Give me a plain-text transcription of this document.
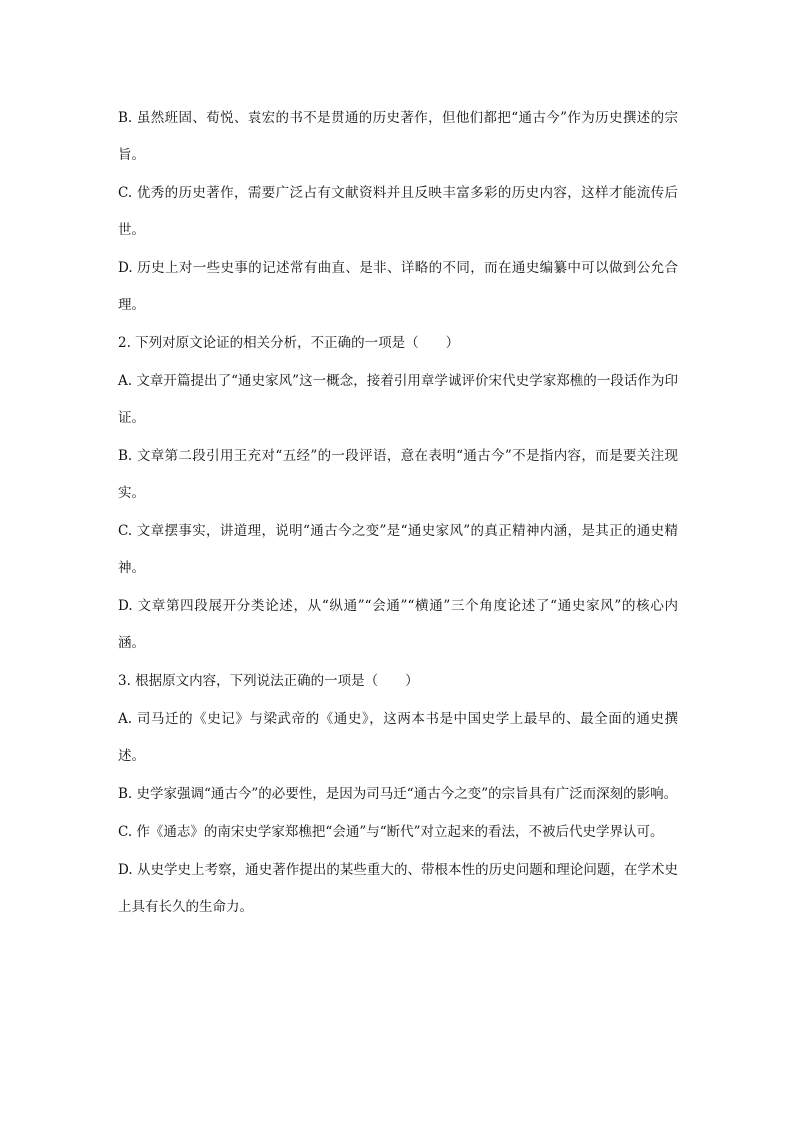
B. 虽然班固、荀悦、袁宏的书不是贯通的历史著作，但他们都把“通古今”作为历史撰述的宗旨。

C. 优秀的历史著作，需要广泛占有文献资料并且反映丰富多彩的历史内容，这样才能流传后世。

D. 历史上对一些史事的记述常有曲直、是非、详略的不同，而在通史编纂中可以做到公允合理。

2. 下列对原文论证的相关分析，不正确的一项是（　　）

A. 文章开篇提出了“通史家风”这一概念，接着引用章学诚评价宋代史学家郑樵的一段话作为印证。

B. 文章第二段引用王充对“五经”的一段评语，意在表明“通古今”不是指内容，而是要关注现实。

C. 文章摆事实，讲道理，说明“通古今之变”是“通史家风”的真正精神内涵，是其正的通史精神。

D. 文章第四段展开分类论述，从“纵通”“会通”“横通”三个角度论述了“通史家风”的核心内涵。

3. 根据原文内容，下列说法正确的一项是（　　）

A. 司马迁的《史记》与梁武帝的《通史》，这两本书是中国史学上最早的、最全面的通史撰述。

B. 史学家强调“通古今”的必要性，是因为司马迁“通古今之变”的宗旨具有广泛而深刻的影响。

C. 作《通志》的南宋史学家郑樵把“会通”与“断代”对立起来的看法，不被后代史学界认可。

D. 从史学史上考察，通史著作提出的某些重大的、带根本性的历史问题和理论问题，在学术史上具有长久的生命力。
